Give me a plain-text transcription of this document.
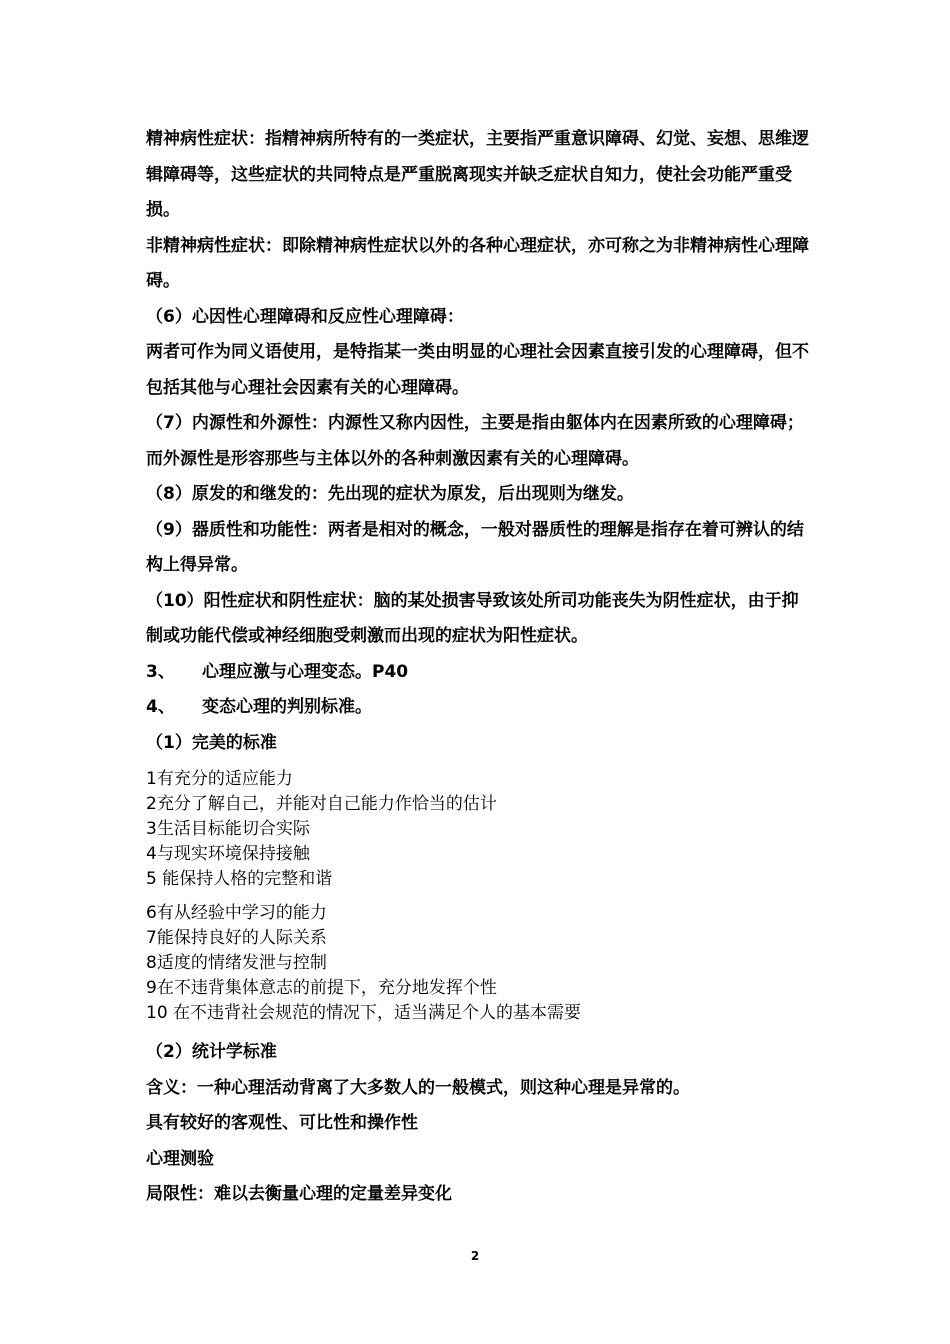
精神病性症状：指精神病所特有的一类症状，主要指严重意识障碍、幻觉、妄想、思维逻辑障碍等，这些症状的共同特点是严重脱离现实并缺乏症状自知力，使社会功能严重受损。

非精神病性症状：即除精神病性症状以外的各种心理症状，亦可称之为非精神病性心理障碍。

（6）心因性心理障碍和反应性心理障碍：

两者可作为同义语使用，是特指某一类由明显的心理社会因素直接引发的心理障碍，但不包括其他与心理社会因素有关的心理障碍。

（7）内源性和外源性：内源性又称内因性，主要是指由躯体内在因素所致的心理障碍；而外源性是形容那些与主体以外的各种刺激因素有关的心理障碍。

（8）原发的和继发的：先出现的症状为原发，后出现则为继发。

（9）器质性和功能性：两者是相对的概念，一般对器质性的理解是指存在着可辨认的结构上得异常。

（10）阳性症状和阴性症状：脑的某处损害导致该处所司功能丧失为阴性症状，由于抑制或功能代偿或神经细胞受刺激而出现的症状为阳性症状。

3、	心理应激与心理变态。P40
4、	变态心理的判别标准。

（1）完美的标准

1有充分的适应能力
2充分了解自己，并能对自己能力作恰当的估计
3生活目标能切合实际
4与现实环境保持接触
5 能保持人格的完整和谐
6有从经验中学习的能力
7能保持良好的人际关系
8适度的情绪发泄与控制
9在不违背集体意志的前提下，充分地发挥个性
10 在不违背社会规范的情况下，适当满足个人的基本需要

（2）统计学标准

含义：一种心理活动背离了大多数人的一般模式，则这种心理是异常的。

具有较好的客观性、可比性和操作性

心理测验

局限性：难以去衡量心理的定量差异变化

2
